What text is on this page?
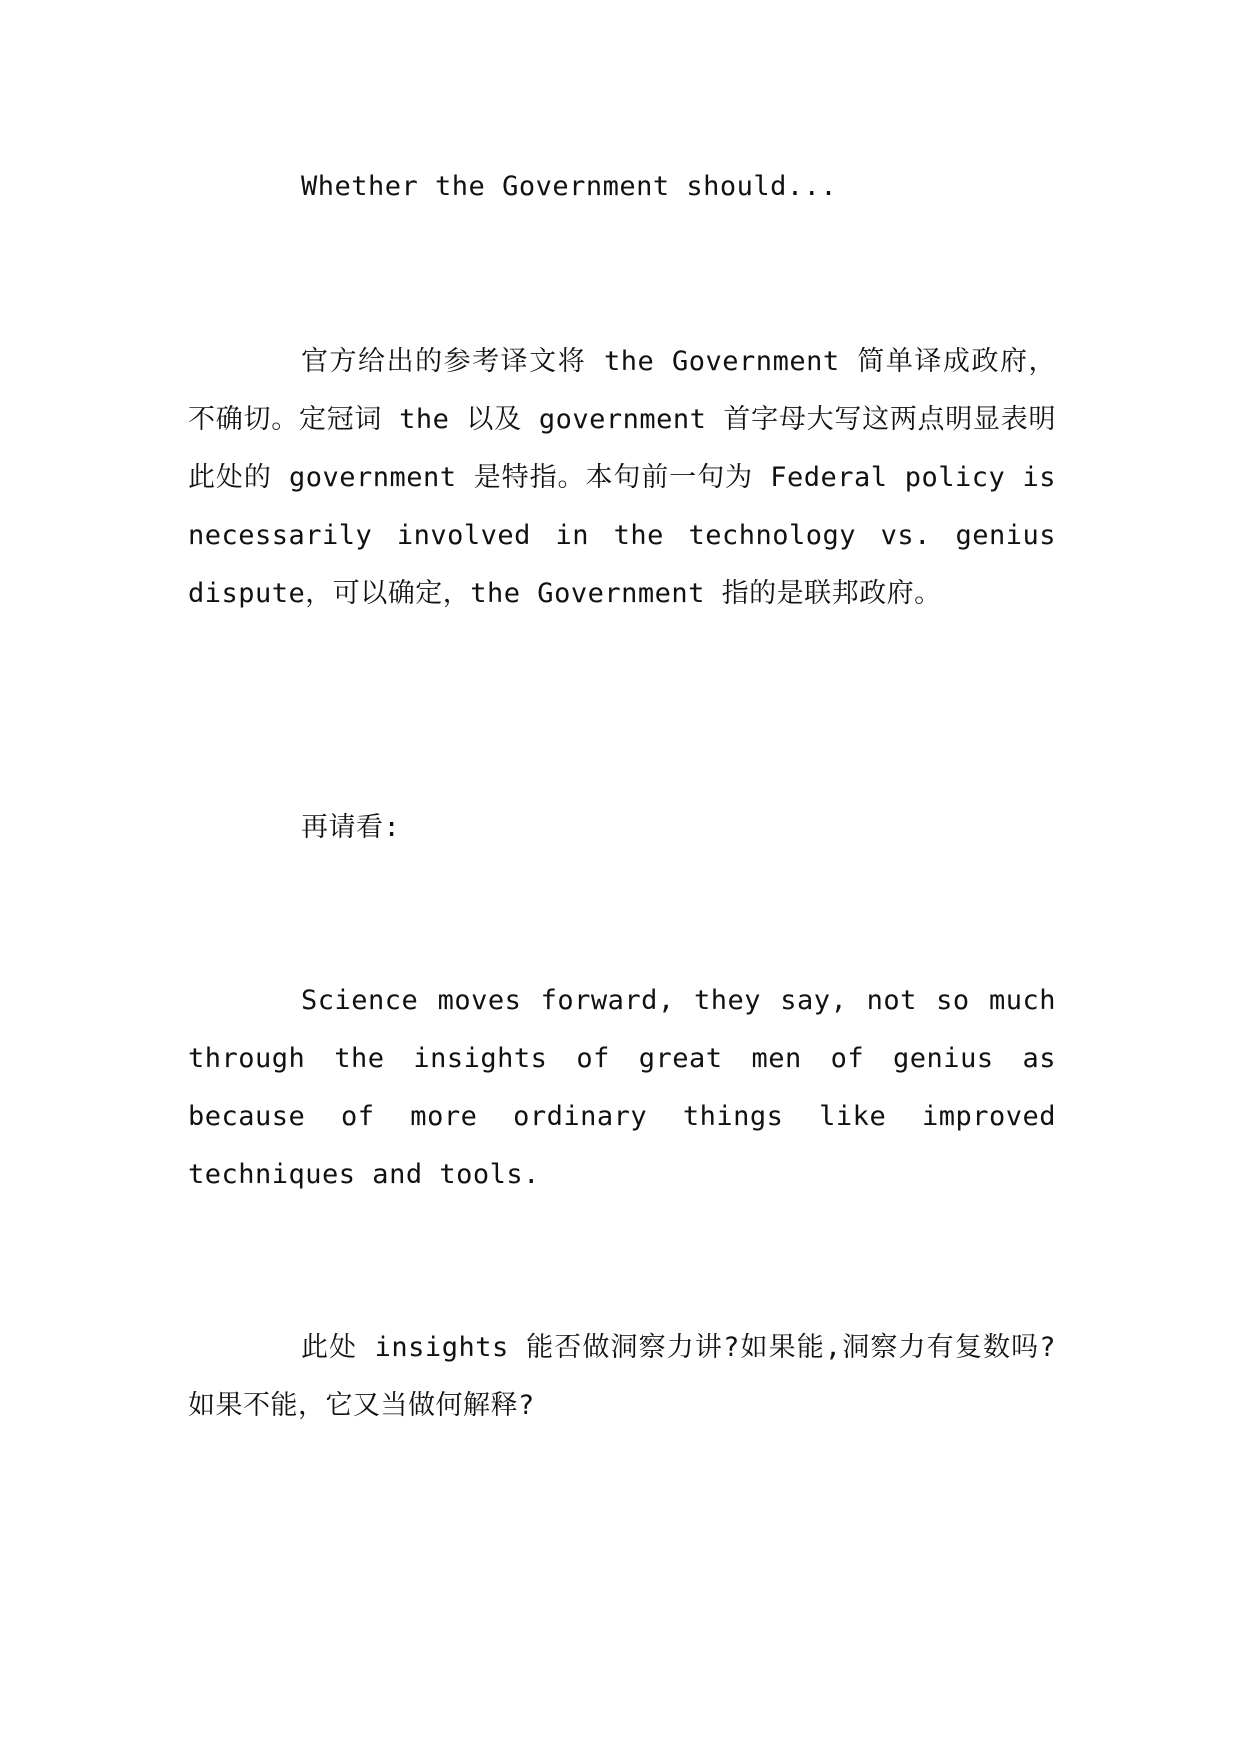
Whether the Government should...

官方给出的参考译文将 the Government 简单译成政府，不确切。定冠词 the 以及 government 首字母大写这两点明显表明此处的 government 是特指。本句前一句为 Federal policy is necessarily involved in the technology vs. genius dispute，可以确定，the Government 指的是联邦政府。

再请看:

Science moves forward, they say, not so much through the insights of great men of genius as because of more ordinary things like improved techniques and tools.

此处 insights 能否做洞察力讲?如果能,洞察力有复数吗?如果不能，它又当做何解释?
